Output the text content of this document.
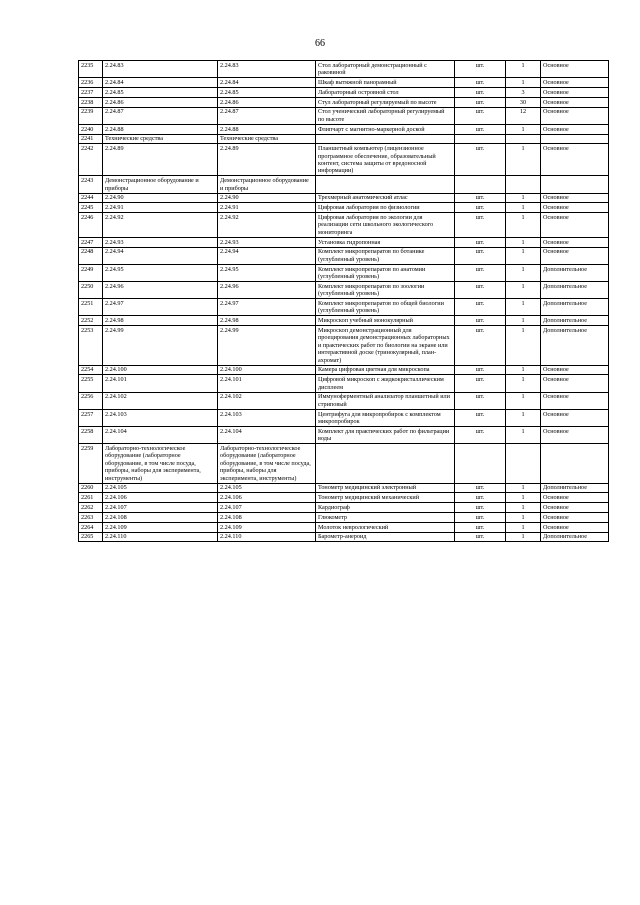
66
2235	2.24.83	2.24.83	Стол лабораторный демонстрационный с раковиной	шт.	1	Основное
2236	2.24.84	2.24.84	Шкаф вытяжной панорамный	шт.	1	Основное
2237	2.24.85	2.24.85	Лабораторный островной стол	шт.	3	Основное
2238	2.24.86	2.24.86	Стул лабораторный регулируемый по высоте	шт.	30	Основное
2239	2.24.87	2.24.87	Стол ученический лабораторный регулируемый по высоте	шт.	12	Основное
2240	2.24.88	2.24.88	Флипчарт с магнитно-маркерной доской	шт.	1	Основное
2241	Технические средства	Технические средства				
2242	2.24.89	2.24.89	Планшетный компьютер (лицензионное программное обеспечение, образовательный контент, система защиты от вредоносной информации)	шт.	1	Основное
2243	Демонстрационное оборудование и приборы	Демонстрационное оборудование и приборы				
2244	2.24.90	2.24.90	Трехмерный анатомический атлас	шт.	1	Основное
2245	2.24.91	2.24.91	Цифровая лаборатория по физиологии	шт.	1	Основное
2246	2.24.92	2.24.92	Цифровая лаборатория по экологии для реализации сети школьного экологического мониторинга	шт.	1	Основное
2247	2.24.93	2.24.93	Установка гидропонная	шт.	1	Основное
2248	2.24.94	2.24.94	Комплект микропрепаратов по ботанике (углубленный уровень)	шт.	1	Основное
2249	2.24.95	2.24.95	Комплект микропрепаратов по анатомии (углубленный уровень)	шт.	1	Дополнительное
2250	2.24.96	2.24.96	Комплект микропрепаратов по зоологии (углубленный уровень)	шт.	1	Дополнительное
2251	2.24.97	2.24.97	Комплект микропрепаратов по общей биологии (углубленный уровень)	шт.	1	Дополнительное
2252	2.24.98	2.24.98	Микроскоп учебный монокулярный	шт.	1	Дополнительное
2253	2.24.99	2.24.99	Микроскоп демонстрационный для проецирования демонстрационных лабораторных и практических работ по биологии на экране или интерактивной доске (тринокулярный, план-ахромат)	шт.	1	Дополнительное
2254	2.24.100	2.24.100	Камера цифровая цветная для микроскопа	шт.	1	Основное
2255	2.24.101	2.24.101	Цифровой микроскоп с жидкокристаллическим дисплеем	шт.	1	Основное
2256	2.24.102	2.24.102	Иммуноферментный анализатор планшетный или стриповый	шт.	1	Основное
2257	2.24.103	2.24.103	Центрифуга для микропробирок с комплектом микропробирок	шт.	1	Основное
2258	2.24.104	2.24.104	Комплект для практических работ по фильтрации воды	шт.	1	Основное
2259	Лабораторно-технологическое оборудование (лабораторное оборудование, в том числе посуда, приборы, наборы для эксперимента, инструменты)	Лабораторно-технологическое оборудование (лабораторное оборудование, в том числе посуда, приборы, наборы для эксперимента, инструменты)				
2260	2.24.105	2.24.105	Тонометр медицинский электронный	шт.	1	Дополнительное
2261	2.24.106	2.24.106	Тонометр медицинский механический	шт.	1	Основное
2262	2.24.107	2.24.107	Кардиограф	шт.	1	Основное
2263	2.24.108	2.24.108	Глюкометр	шт.	1	Основное
2264	2.24.109	2.24.109	Молоток неврологический	шт.	1	Основное
2265	2.24.110	2.24.110	Барометр-анероид	шт.	1	Дополнительное
